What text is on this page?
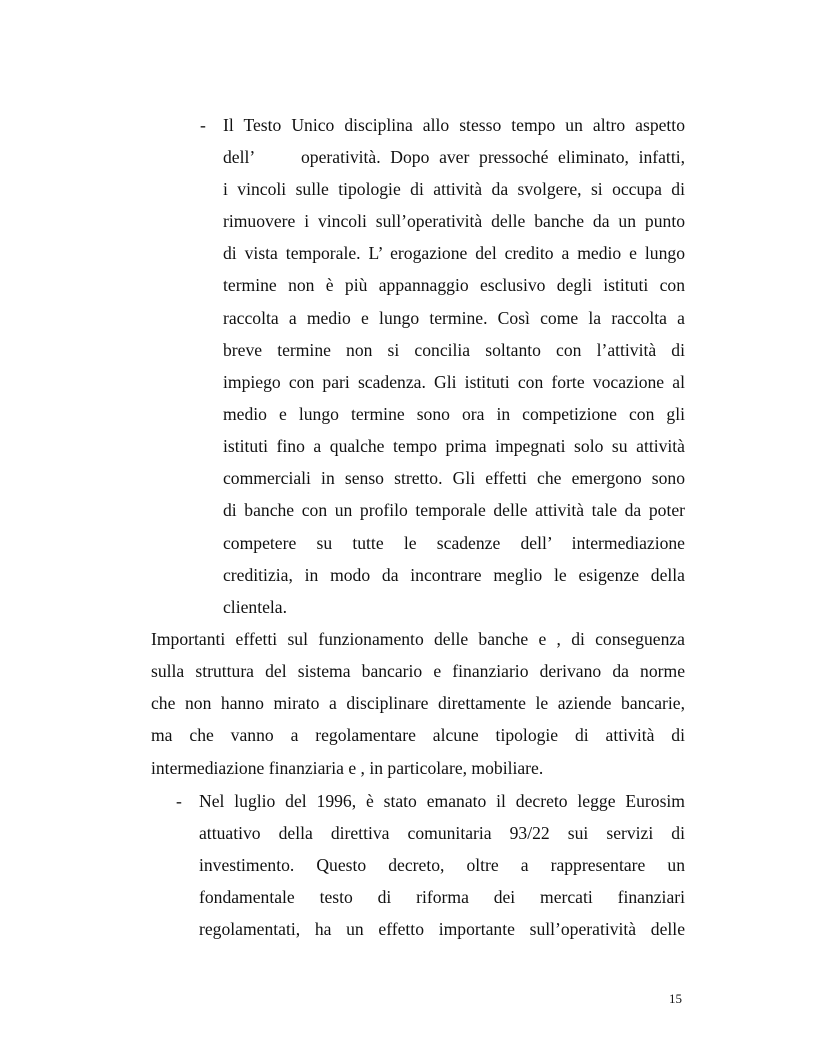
- Il Testo Unico disciplina allo stesso tempo un altro aspetto
dell’	operatività. Dopo aver pressoché eliminato, infatti,
i vincoli sulle tipologie di attività da svolgere, si occupa di
rimuovere i vincoli sull’operatività delle banche da un punto
di vista temporale. L’ erogazione del credito a medio e lungo
termine non è più appannaggio esclusivo degli istituti con
raccolta a medio e lungo termine. Così come la raccolta a
breve termine non si concilia soltanto con l’attività di
impiego con pari scadenza. Gli istituti con forte vocazione al
medio e lungo termine sono ora in competizione con gli
istituti fino a qualche tempo prima impegnati solo su attività
commerciali in senso stretto. Gli effetti che emergono sono
di banche con un profilo temporale delle attività tale da poter
competere su tutte le scadenze dell’ intermediazione
creditizia, in modo da incontrare meglio le esigenze della
clientela.
Importanti effetti sul funzionamento delle banche e , di conseguenza
sulla struttura del sistema bancario e finanziario derivano da norme
che non hanno mirato a disciplinare direttamente le aziende bancarie,
ma che vanno a regolamentare alcune tipologie di attività di
intermediazione finanziaria e , in particolare, mobiliare.
- Nel luglio del 1996, è stato emanato il decreto legge Eurosim
attuativo della direttiva comunitaria 93/22 sui servizi di
investimento. Questo decreto, oltre a rappresentare un
fondamentale testo di riforma dei mercati finanziari
regolamentati, ha un effetto importante sull’operatività delle
15
